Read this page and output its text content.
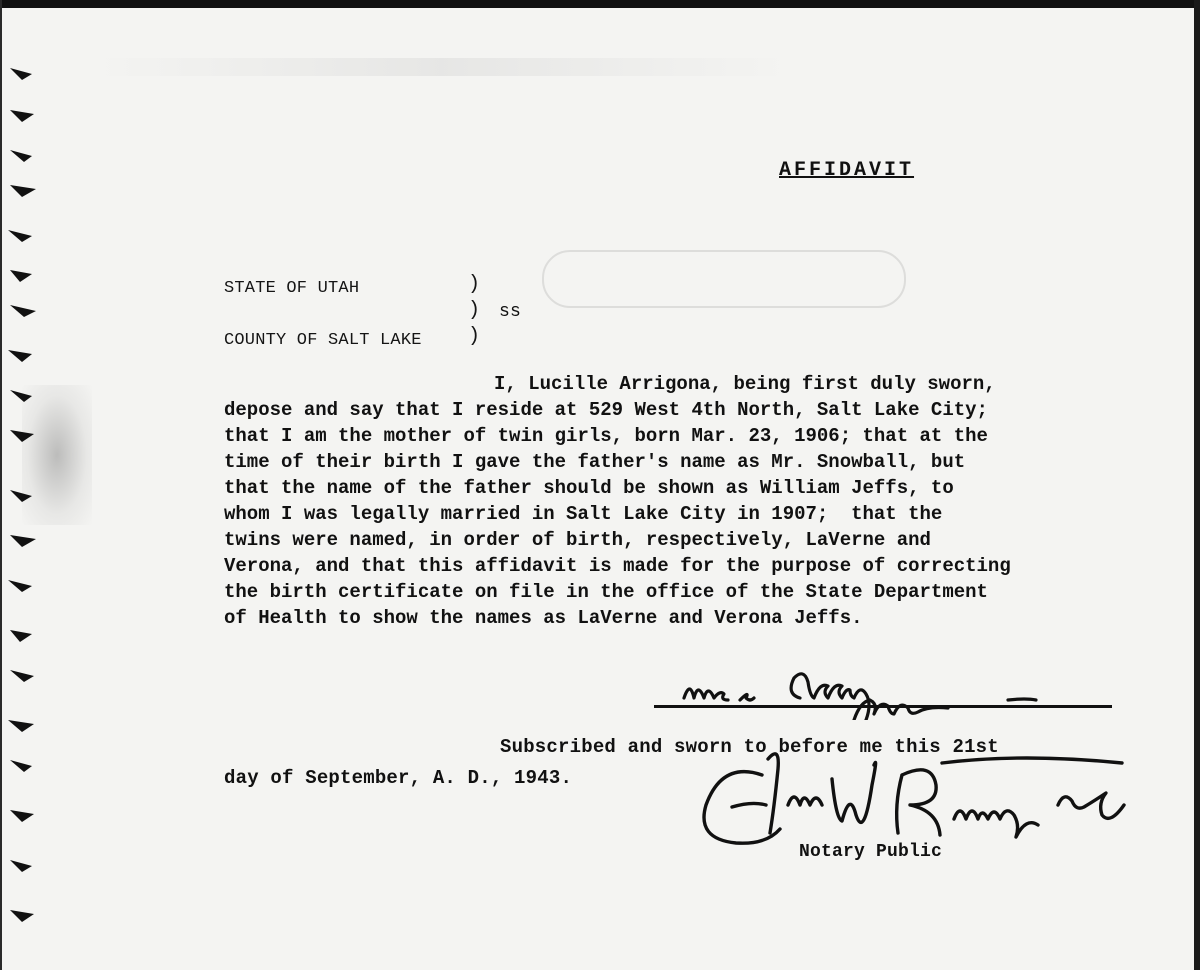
AFFIDAVIT
STATE OF UTAH	)
) ss
COUNTY OF SALT LAKE )
I, Lucille Arrigona, being first duly sworn,
depose and say that I reside at 529 West 4th North, Salt Lake City;
that I am the mother of twin girls, born Mar. 23, 1906; that at the
time of their birth I gave the father's name as Mr. Snowball, but
that the name of the father should be shown as William Jeffs, to
whom I was legally married in Salt Lake City in 1907;  that the
twins were named, in order of birth, respectively, LaVerne and
Verona, and that this affidavit is made for the purpose of correcting
the birth certificate on file in the office of the State Department
of Health to show the names as LaVerne and Verona Jeffs.
Subscribed and sworn to before me this 21st
day of September, A. D., 1943.
Notary Public
